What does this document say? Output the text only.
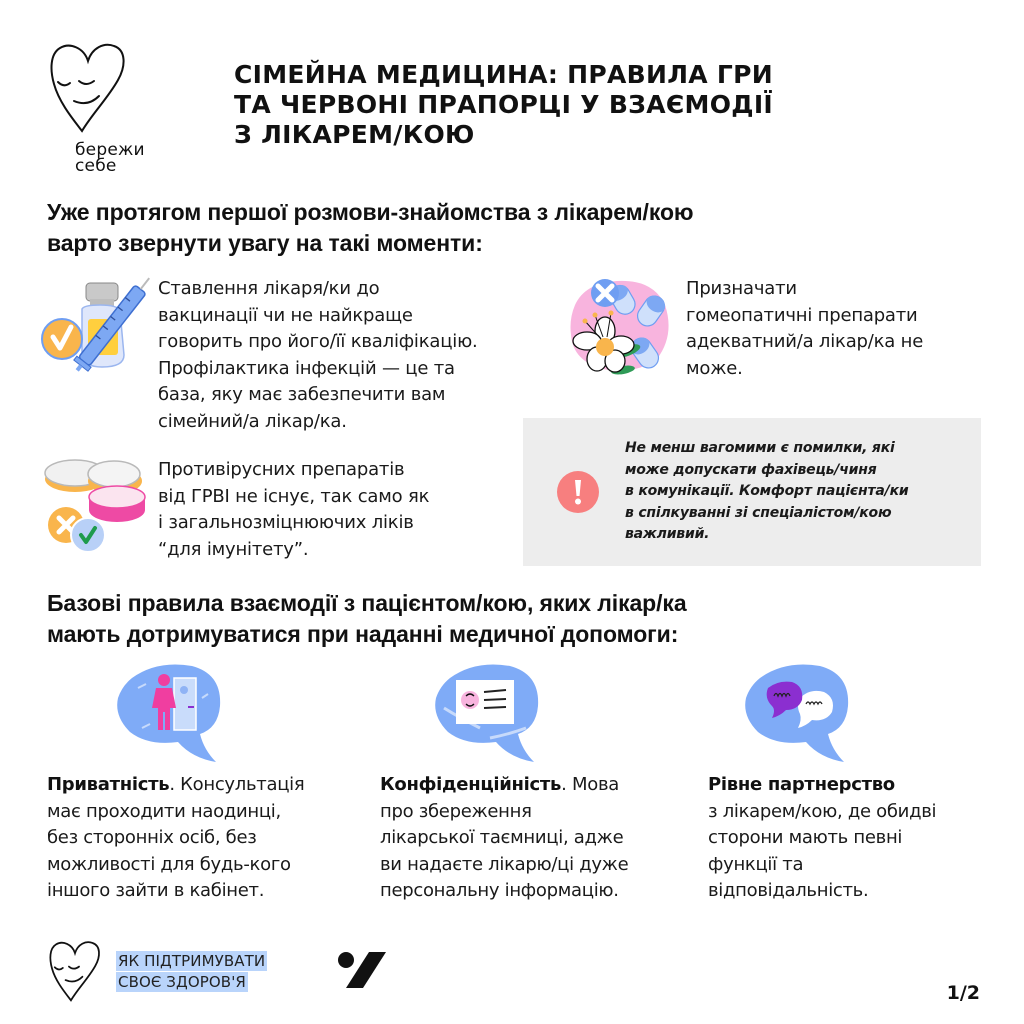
бережи
себе
СІМЕЙНА МЕДИЦИНА: ПРАВИЛА ГРИ
ТА ЧЕРВОНІ ПРАПОРЦІ У ВЗАЄМОДІЇ
З ЛІКАРЕМ/КОЮ
Уже протягом першої розмови-знайомства з лікарем/кою
варто звернути увагу на такі моменти:
Ставлення лікаря/ки до
вакцинації чи не найкраще
говорить про його/її кваліфікацію.
Профілактика інфекцій — це та
база, яку має забезпечити вам
сімейний/а лікар/ка.
Противірусних препаратів
від ГРВІ не існує, так само як
і загальнозміцнюючих ліків
“для імунітету”.
Призначати
гомеопатичні препарати
адекватний/а лікар/ка не
може.
Не менш вагомими є помилки, які
може допускати фахівець/чиня
в комунікації. Комфорт пацієнта/ки
в спілкуванні зі спеціалістом/кою
важливий.
Базові правила взаємодії з пацієнтом/кою, яких лікар/ка
мають дотримуватися при наданні медичної допомоги:
Приватність. Консультація
має проходити наодинці,
без сторонніх осіб, без
можливості для будь-кого
іншого зайти в кабінет.
Конфіденційність. Мова
про збереження
лікарської таємниці, адже
ви надаєте лікарю/ці дуже
персональну інформацію.
Рівне партнерство
з лікарем/кою, де обидві
сторони мають певні
функції та
відповідальність.
ЯК ПІДТРИМУВАТИ
СВОЄ ЗДОРОВ'Я	1/2
